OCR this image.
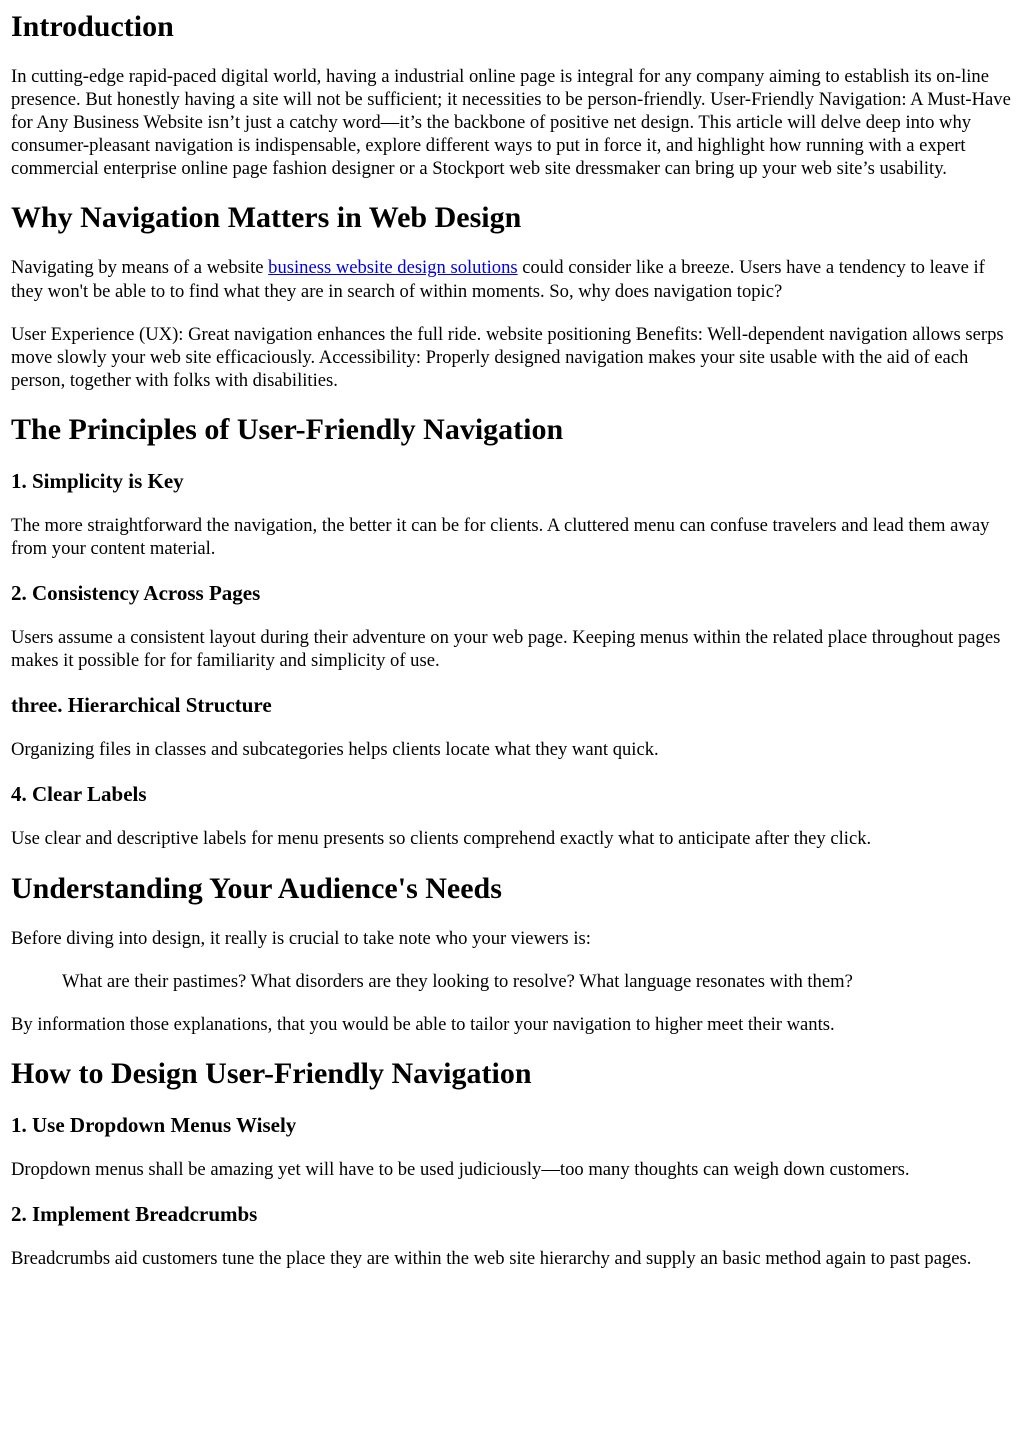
Introduction

In cutting-edge rapid-paced digital world, having a industrial online page is integral for any company aiming to establish its on-line presence. But honestly having a site will not be sufficient; it necessities to be person-friendly. User-Friendly Navigation: A Must-Have for Any Business Website isn’t just a catchy word—it’s the backbone of positive net design. This article will delve deep into why consumer-pleasant navigation is indispensable, explore different ways to put in force it, and highlight how running with a expert commercial enterprise online page fashion designer or a Stockport web site dressmaker can bring up your web site’s usability.

Why Navigation Matters in Web Design

Navigating by means of a website business website design solutions could consider like a breeze. Users have a tendency to leave if they won't be able to to find what they are in search of within moments. So, why does navigation topic?

User Experience (UX): Great navigation enhances the full ride. website positioning Benefits: Well-dependent navigation allows serps move slowly your web site efficaciously. Accessibility: Properly designed navigation makes your site usable with the aid of each person, together with folks with disabilities.

The Principles of User-Friendly Navigation
1. Simplicity is Key

The more straightforward the navigation, the better it can be for clients. A cluttered menu can confuse travelers and lead them away from your content material.

2. Consistency Across Pages

Users assume a consistent layout during their adventure on your web page. Keeping menus within the related place throughout pages makes it possible for for familiarity and simplicity of use.

three. Hierarchical Structure

Organizing files in classes and subcategories helps clients locate what they want quick.

4. Clear Labels

Use clear and descriptive labels for menu presents so clients comprehend exactly what to anticipate after they click.

Understanding Your Audience's Needs

Before diving into design, it really is crucial to take note who your viewers is:

What are their pastimes? What disorders are they looking to resolve? What language resonates with them?

By information those explanations, that you would be able to tailor your navigation to higher meet their wants.

How to Design User-Friendly Navigation
1. Use Dropdown Menus Wisely

Dropdown menus shall be amazing yet will have to be used judiciously—too many thoughts can weigh down customers.

2. Implement Breadcrumbs

Breadcrumbs aid customers tune the place they are within the web site hierarchy and supply an basic method again to past pages.
